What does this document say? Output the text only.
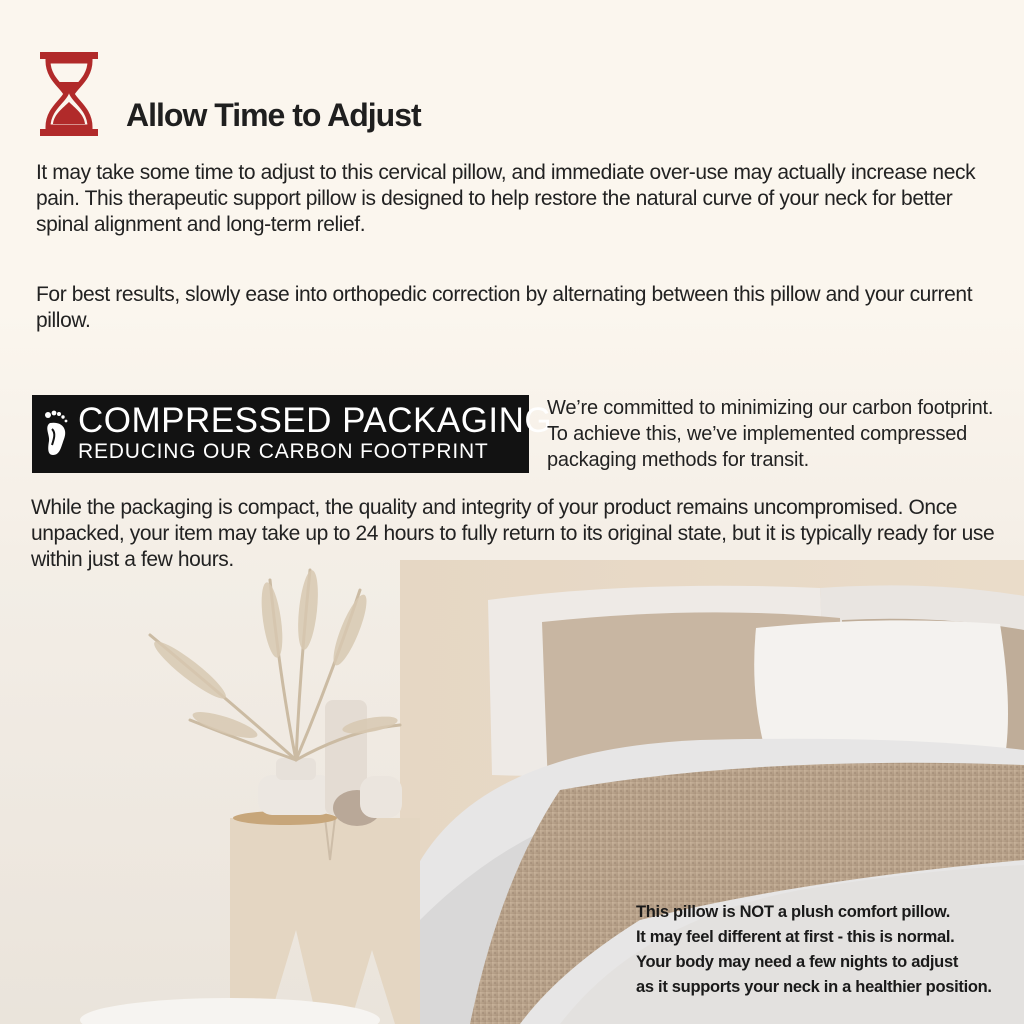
Allow Time to Adjust

It may take some time to adjust to this cervical pillow, and immediate over-use may actually increase neck pain. This therapeutic support pillow is designed to help restore the natural curve of your neck for better spinal alignment and long-term relief.

For best results, slowly ease into orthopedic correction by alternating between this pillow and your current pillow.

COMPRESSED PACKAGING
REDUCING OUR CARBON FOOTPRINT
We’re committed to minimizing our carbon footprint. To achieve this, we’ve implemented compressed packaging methods for transit.

While the packaging is compact, the quality and integrity of your product remains uncompromised. Once unpacked, your item may take up to 24 hours to fully return to its original state, but it is typically ready for use within just a few hours.

This pillow is NOT a plush comfort pillow.
It may feel different at first - this is normal.
Your body may need a few nights to adjust
as it supports your neck in a healthier position.
